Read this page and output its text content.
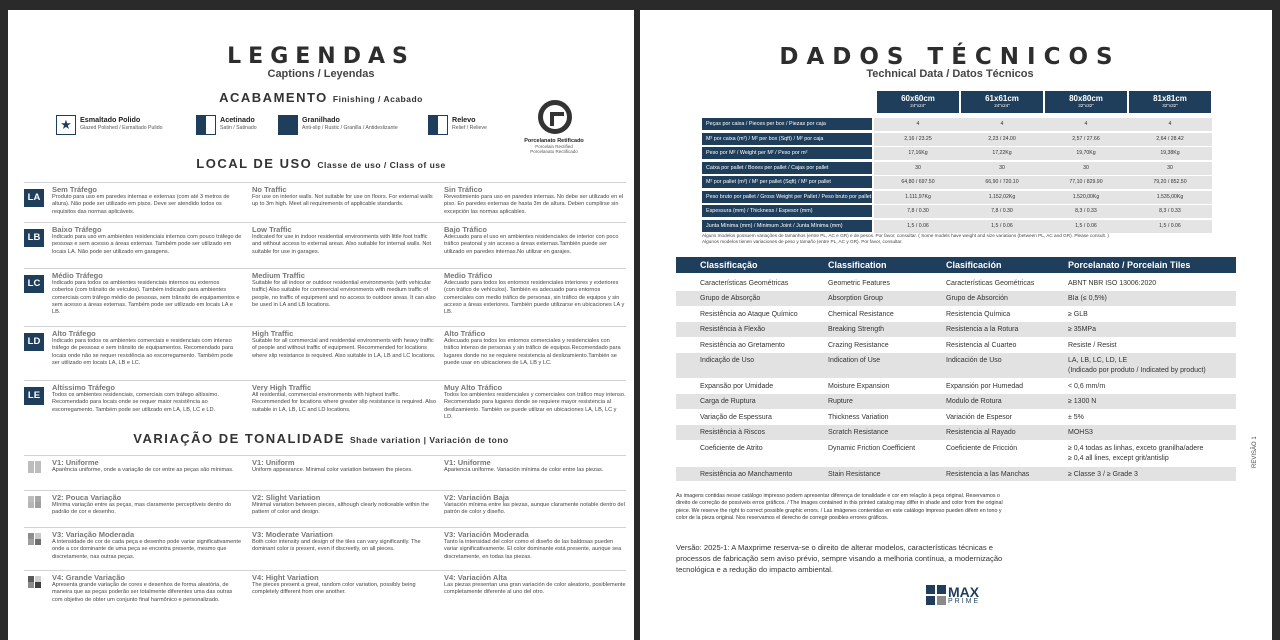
LEGENDAS
Captions / Leyendas
ACABAMENTO Finishing / Acabado
★	Esmaltado Polido
Glazed Polished / Esmaltado Pulido
Acetinado
Satin / Satinado
Granilhado
Anti-slip / Rustic / Granilla / Antideslizante
Relevo
Relief / Relieve
Porcelanato Retificado
Porcelain Rectified
Porcelanato Rectificado
LOCAL DE USO Classe de uso / Class of use
LA
Sem Tráfego
Produto para uso em paredes internas e externas (com até 3 metros de altura). Não pode ser utilizado em pisos. Deve ser atendido todos os requisitos das normas aplicáveis.
No Traffic
For use on interior walls. Not suitable for use on floors. For external walls up to 3m high. Meet all requirements of applicable standards.
Sin Tráfico
Revestimiento para uso en paredes internas. No debe ser utilizado en el piso. En paredes externas de hasta 3m de altura. Deben cumplirse sin excepción las normas aplicables.
LB
Baixo Tráfego
Indicado para uso em ambientes residenciais internos com pouco tráfego de pessoas e sem acesso a áreas externas. Também pode ser utilizado em locais LA. Não pode ser utilizado em garagens.
Low Traffic
Indicated for use in indoor residential environments with little foot traffic and without access to external areas. Also suitable for internal walls. Not suitable for use in garages.
Bajo Tráfico
Adecuado para el uso en ambientes residenciales de interior con poco tráfico peatonal y sin acceso a áreas externas.También puede ser utilizado en paredes internas.No utilizar en garajes.
LC
Médio Tráfego
Indicado para todos os ambientes residenciais internos ou externos cobertos (com trânsito de veículos). Também indicado para ambientes comerciais com tráfego médio de pessoas, sem trânsito de equipamentos e sem acesso a áreas externas. Também pode ser utilizado em locais LA e LB.
Medium Traffic
Suitable for all indoor or outdoor residential environments (with vehicular traffic) Also suitable for commercial environments with medium traffic of people, no traffic of equipment and no access to outdoor areas. It can also be used in LA and LB locations.
Medio Tráfico
Adecuado para todos los entornos residenciales interiores y exteriores (con tráfico de vehículos). También es adecuado para entornos comerciales con medio tráfico de personas, sin tráfico de equipos y sin acceso a áreas exteriores. También puede utilizarse en ubicaciones LA y LB.
LD
Alto Tráfego
Indicado para todos os ambientes comerciais e residenciais com intenso tráfego de pessoas e sem trânsito de equipamentos. Recomendado para locais onde não se requer resistência ao escorregamento. Também pode ser utilizado em locais LA, LB e LC.
High Traffic
Suitable for all commercial and residential environments with heavy traffic of people and without traffic of equipment. Recommended for locations where slip resistance is required. Also suitable in LA, LB and LC locations.
Alto Tráfico
Adecuado para todos los entornos comerciales y residenciales con tráfico intenso de personas y sin tráfico de equipos.Recomendado para lugares donde no se requiere resistencia al deslizamiento.También se puede usar en ubicaciones de LA, LB y LC.
LE
Altíssimo Tráfego
Todos os ambientes residenciais, comerciais com tráfego altíssimo. Recomendado para locais onde se requer maior resistência ao escorregamento. Também pode ser utilizado em LA, LB, LC e LD.
Very High Traffic
All residential, commercial environments with highest traffic. Recommended for locations where greater slip resistance is required. Also suitable in LA, LB, LC and LD locations.
Muy Alto Tráfico
Todos los ambientes residenciales y comerciales con tráfico muy intenso. Recomendado para lugares donde se requiere mayor resistencia al deslizamiento. También se puede utilizar en ubicaciones LA, LB, LC y LD.
VARIAÇÃO DE TONALIDADE Shade variation | Variación de tono
V1: Uniforme
Aparência uniforme, onde a variação de cor entre as peças são mínimas.
V1: Uniform
Uniform appearance. Minimal color variation between the pieces.
V1: Uniforme
Apariencia uniforme. Variación mínima de color entre las piezas.
V2: Pouca Variação
Mínima variação entre as peças, mas claramente perceptíveis dentro do padrão de cor e desenho.
V2: Slight Variation
Minimal variation between pieces, although clearly noticeable within the pattern of color and design.
V2: Variación Baja
Variación mínima entre las piezas, aunque claramente notable dentro del patrón de color y diseño.
V3: Variação Moderada
A intensidade de cor de cada peça e desenho pode variar significativamente onde a cor dominante de uma peça se encontra presente, mesmo que discretamente, nas outras peças.
V3: Moderate Variation
Both color intensity and design of the tiles can vary significantly. The dominant color is present, even if discreetly, on all pieces.
V3: Variación Moderada
Tanto la intensidad del color como el diseño de las baldosas pueden variar significativamente. El color dominante está presente, aunque sea discretamente, en todas las piezas.
V4: Grande Variação
Apresenta grande variação de cores e desenhos de forma aleatória, de maneira que as peças poderão ser totalmente diferentes uma das outras com objetivo de obter um conjunto final harmônico e personalizado.
V4: Hight Variation
The pieces present a great, random color variation, possibly being completely different from one another.
V4: Variación Alta
Las piezas presentan una gran variación de color aleatorio, posiblemente completamente diferente al uno del otro.
DADOS TÉCNICOS
Technical Data / Datos Técnicos
60x60cm
24"x24"
61x61cm
24"x24"
80x80cm
32"x32"
81x81cm
32"x32"
Peças por caixa / Pieces per box / Piezas por caja	4	4	4	4
M² por caixa (m²) / M² per box (Sqft) / M² por caja	2,16 / 23.25	2,23 / 24.00	2,57 / 27.66	2,64 / 28.42
Peso por M² / Weight per M² / Peso por m²	17,16Kg	17,22Kg	19,70Kg	19,38Kg
Caixa por pallet / Boxes per pallet / Cajas por pallet	30	30	30	30
M² por pallet (m²) / M² per pallet (Sqft) / M² por pallet	64,80 / 697.50	66,90 / 720.10	77,10 / 829.90	79,20 / 852.50
Peso bruto por pallet / Gross Weight per Pallet / Peso bruto por pallet	1.111,97Kg	1.152,02Kg	1.520,00Kg	1.535,00Kg
Espessura (mm) / Thickness / Espesor (mm)	7,8 / 0.30	7,8 / 0.30	8,3 / 0.33	8,3 / 0.33
Junta Mínima (mm) / Minimum Joint / Junta Mínima (mm)	1,5 / 0.06	1,5 / 0.06	1,5 / 0.06	1,5 / 0.06
Alguns modelos possuem variações de tamanhos (entre PL, AC e GR) e de pesos. Por favor, consultar. ( Some models have weight and size variations (between PL, AC and GR). Please consult. )
Algunos modelos tienen variaciones de peso y tamaño (entre PL, AC y GR). Por favor, consultar.
Classificação	Classification	Clasificación	Porcelanato / Porcelain Tiles
Características Geométricas	Geometric Features	Características Geométricas	ABNT NBR ISO 13006:2020
Grupo de Absorção	Absorption Group	Grupo de Absorción	BIa (≤ 0,5%)
Resistência ao Ataque Químico	Chemical Resistance	Resistencia Química	≥ GLB
Resistência à Flexão	Breaking Strength	Resistencia a la Rotura	≥ 35MPa
Resistência ao Gretamento	Crazing Resistance	Resistencia al Cuarteo	Resiste / Resist
Indicação de Uso	Indication of Use	Indicación de Uso	LA, LB, LC, LD, LE
(Indicado por produto / Indicated by product)
Expansão por Umidade	Moisture Expansion	Expansión por Humedad	< 0,6 mm/m
Carga de Ruptura	Rupture	Modulo de Rotura	≥ 1300 N
Variação de Espessura	Thickness Variation	Variación de Espesor	± 5%
Resistência à Riscos	Scratch Resistance	Resistencia al Rayado	MOHS3
Coeficiente de Atrito	Dynamic Friction Coefficient	Coeficiente de Fricción	≥ 0,4 todas as linhas, exceto granilha/adere
≥ 0,4 all lines, except grit/antislip
Resistência ao Manchamento	Stain Resistance	Resistencia a las Manchas	≥ Classe 3 / ≥ Grade 3
As imagens contidas nesse catálogo impresso podem apresentar diferença de tonalidade e cor em relação à peça original. Reservamos o direito de correção de possíveis erros gráficos. / The images contained in this printed catalog may differ in shade and color from the original piece. We reserve the right to correct possible graphic errors. / Las imágenes contenidas en este catálogo impreso pueden diferir en tono y color de la pieza original. Nos reservamos el derecho de corregir posibles errores gráficos.
Versão: 2025-1: A Maxprime reserva-se o direito de alterar modelos, características técnicas e processos de fabricação sem aviso prévio, sempre visando a melhoria contínua, a modernização tecnológica e a redução do impacto ambiental.
MAX
PRIME
REVISÃO 1
